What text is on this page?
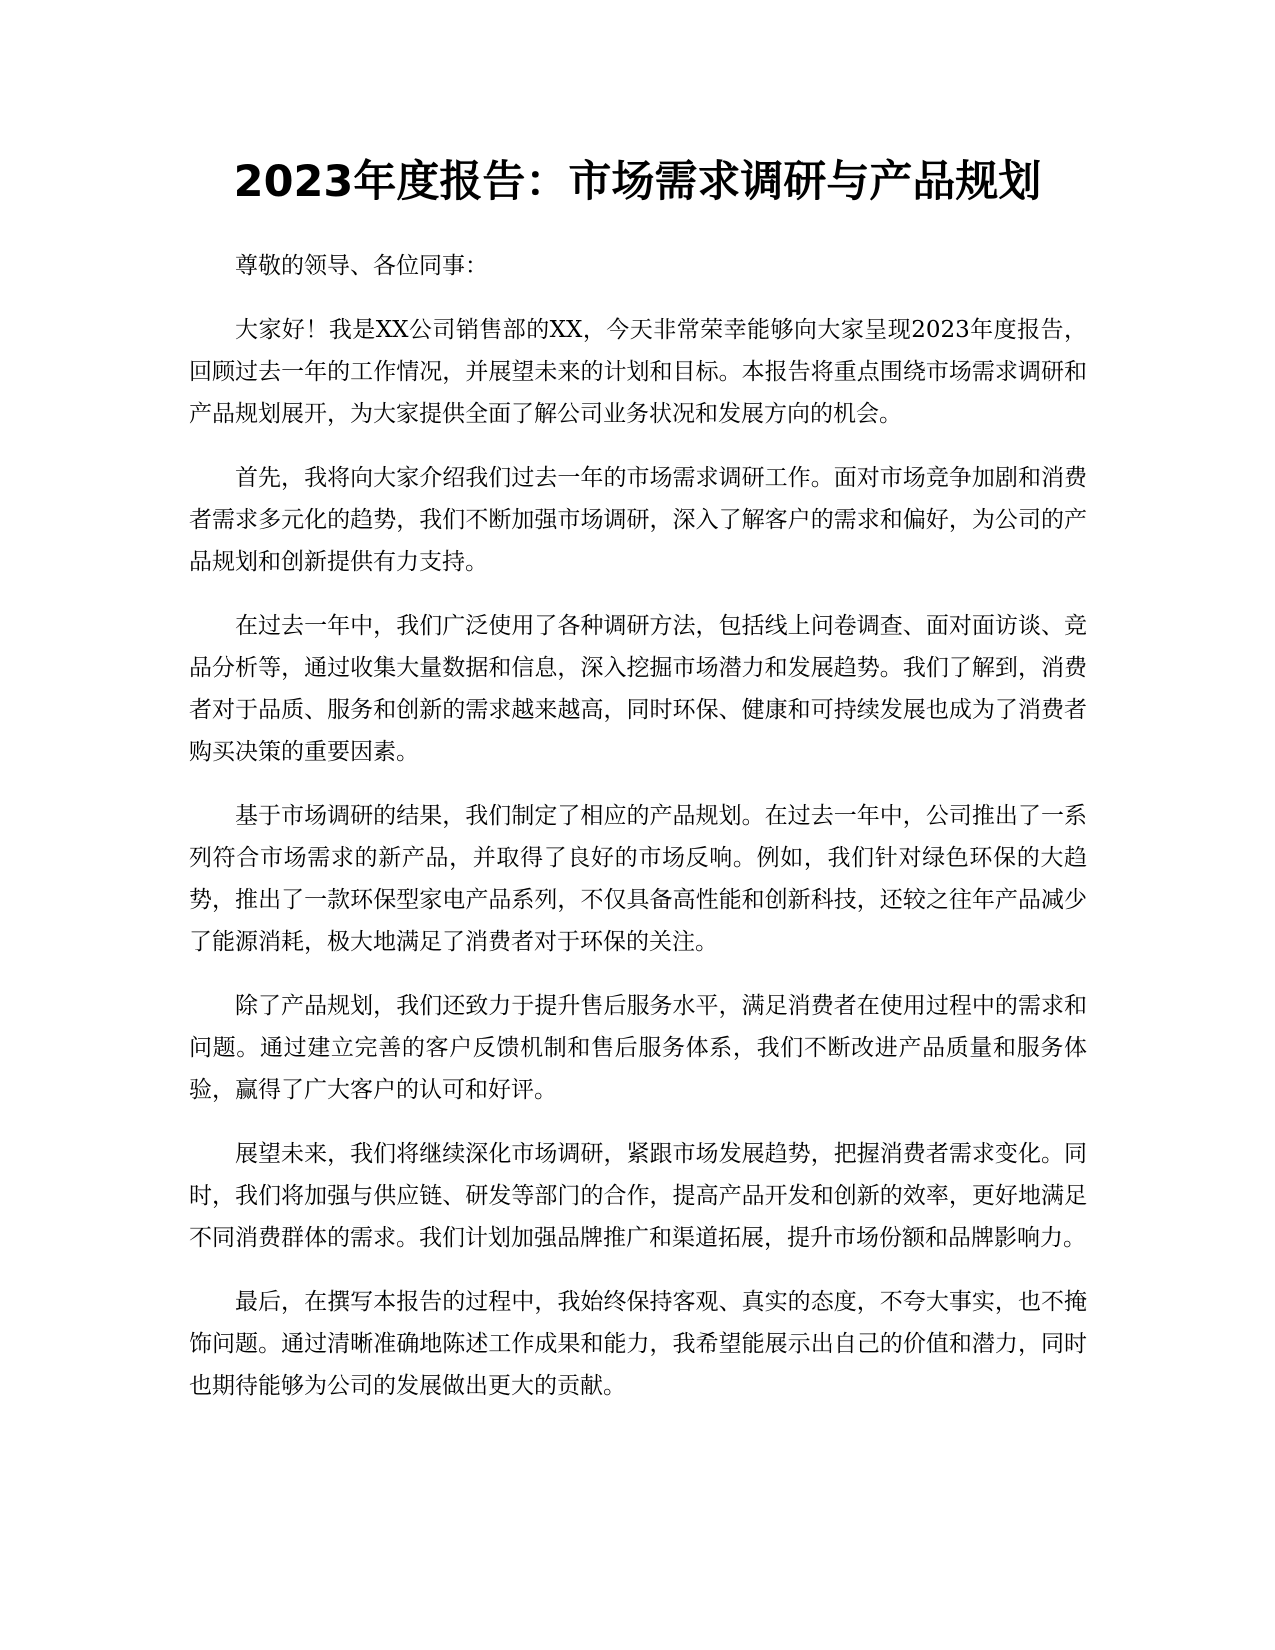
2023年度报告：市场需求调研与产品规划

尊敬的领导、各位同事：

大家好！我是XX公司销售部的XX，今天非常荣幸能够向大家呈现2023年度报告，回顾过去一年的工作情况，并展望未来的计划和目标。本报告将重点围绕市场需求调研和产品规划展开，为大家提供全面了解公司业务状况和发展方向的机会。

首先，我将向大家介绍我们过去一年的市场需求调研工作。面对市场竞争加剧和消费者需求多元化的趋势，我们不断加强市场调研，深入了解客户的需求和偏好，为公司的产品规划和创新提供有力支持。

在过去一年中，我们广泛使用了各种调研方法，包括线上问卷调查、面对面访谈、竞品分析等，通过收集大量数据和信息，深入挖掘市场潜力和发展趋势。我们了解到，消费者对于品质、服务和创新的需求越来越高，同时环保、健康和可持续发展也成为了消费者购买决策的重要因素。

基于市场调研的结果，我们制定了相应的产品规划。在过去一年中，公司推出了一系列符合市场需求的新产品，并取得了良好的市场反响。例如，我们针对绿色环保的大趋势，推出了一款环保型家电产品系列，不仅具备高性能和创新科技，还较之往年产品减少了能源消耗，极大地满足了消费者对于环保的关注。

除了产品规划，我们还致力于提升售后服务水平，满足消费者在使用过程中的需求和问题。通过建立完善的客户反馈机制和售后服务体系，我们不断改进产品质量和服务体验，赢得了广大客户的认可和好评。

展望未来，我们将继续深化市场调研，紧跟市场发展趋势，把握消费者需求变化。同时，我们将加强与供应链、研发等部门的合作，提高产品开发和创新的效率，更好地满足不同消费群体的需求。我们计划加强品牌推广和渠道拓展，提升市场份额和品牌影响力。

最后，在撰写本报告的过程中，我始终保持客观、真实的态度，不夸大事实，也不掩饰问题。通过清晰准确地陈述工作成果和能力，我希望能展示出自己的价值和潜力，同时也期待能够为公司的发展做出更大的贡献。
